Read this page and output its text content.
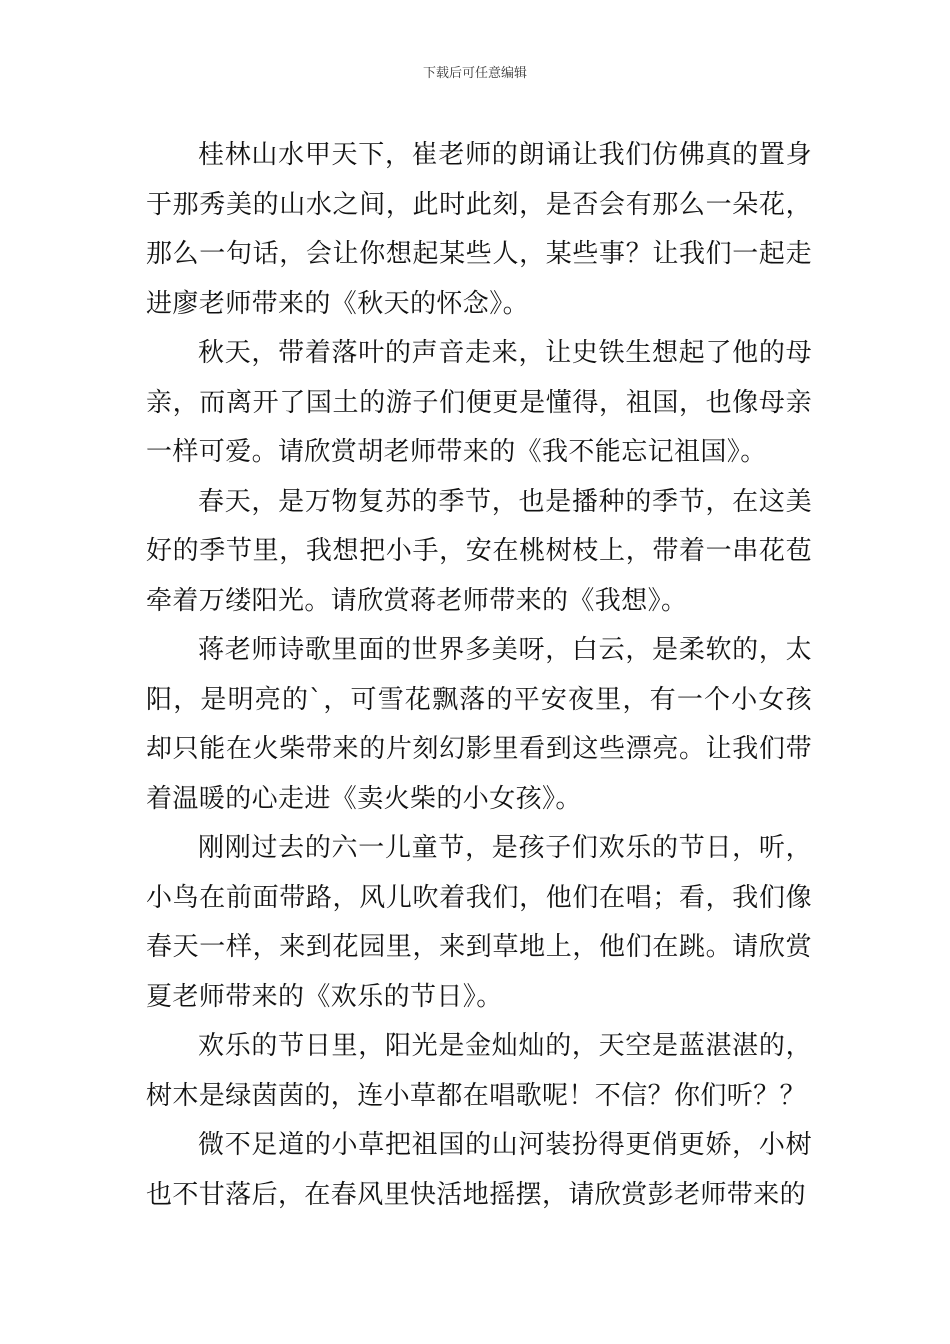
下载后可任意编辑

桂林山水甲天下，崔老师的朗诵让我们仿佛真的置身于那秀美的山水之间，此时此刻，是否会有那么一朵花，那么一句话，会让你想起某些人，某些事？让我们一起走进廖老师带来的《秋天的怀念》。

秋天，带着落叶的声音走来，让史铁生想起了他的母亲，而离开了国土的游子们便更是懂得，祖国，也像母亲一样可爱。请欣赏胡老师带来的《我不能忘记祖国》。

春天，是万物复苏的季节，也是播种的季节，在这美好的季节里，我想把小手，安在桃树枝上，带着一串花苞牵着万缕阳光。请欣赏蒋老师带来的《我想》。

蒋老师诗歌里面的世界多美呀，白云，是柔软的，太阳，是明亮的`，可雪花飘落的平安夜里，有一个小女孩却只能在火柴带来的片刻幻影里看到这些漂亮。让我们带着温暖的心走进《卖火柴的小女孩》。

刚刚过去的六一儿童节，是孩子们欢乐的节日，听，小鸟在前面带路，风儿吹着我们，他们在唱；看，我们像春天一样，来到花园里，来到草地上，他们在跳。请欣赏夏老师带来的《欢乐的节日》。

欢乐的节日里，阳光是金灿灿的，天空是蓝湛湛的，树木是绿茵茵的，连小草都在唱歌呢！不信？你们听？？

微不足道的小草把祖国的山河装扮得更俏更娇，小树也不甘落后，在春风里快活地摇摆，请欣赏彭老师带来的
